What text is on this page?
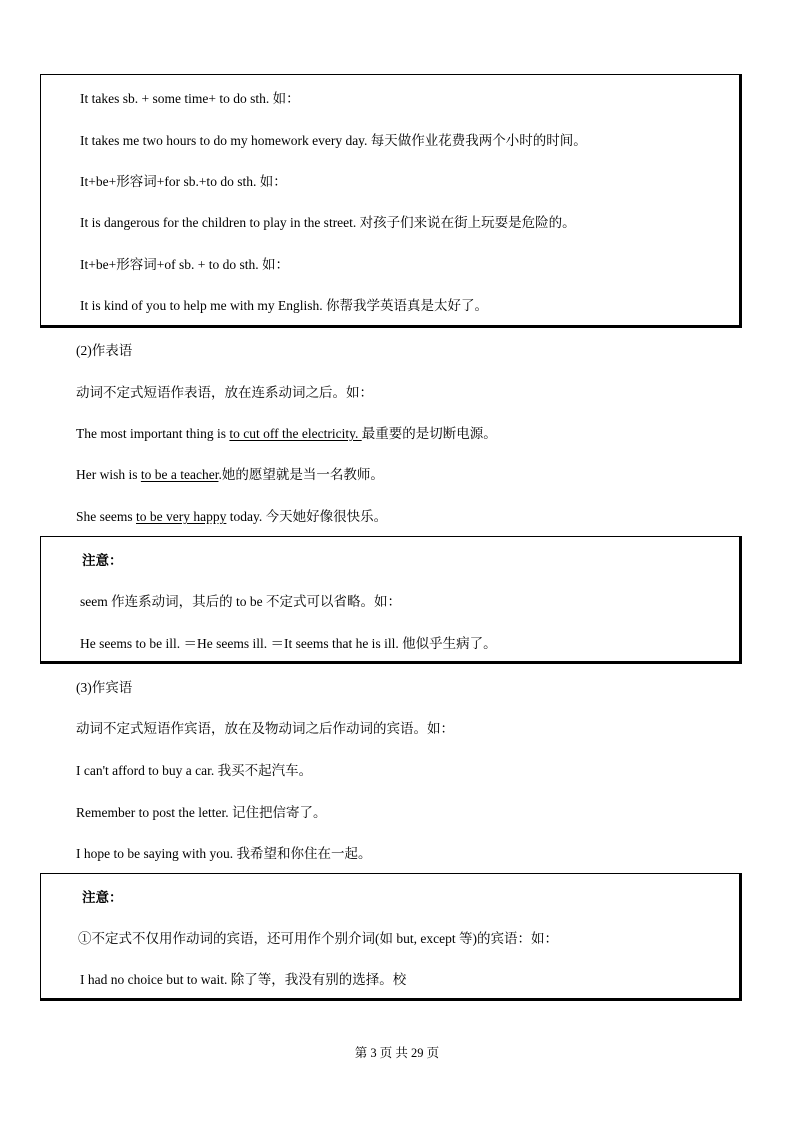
It takes sb. + some time+ to do sth. 如：
It takes me two hours to do my homework every day. 每天做作业花费我两个小时的时间。
It+be+形容词+for sb.+to do sth. 如：
It is dangerous for the children to play in the street. 对孩子们来说在街上玩耍是危险的。
It+be+形容词+of sb. + to do sth. 如：
It is kind of you to help me with my English. 你帮我学英语真是太好了。
(2)作表语
动词不定式短语作表语，放在连系动词之后。如：
The most important thing is to cut off the electricity. 最重要的是切断电源。
Her wish is to be a teacher.她的愿望就是当一名教师。
She seems to be very happy today. 今天她好像很快乐。
注意：
seem 作连系动词，其后的 to be 不定式可以省略。如：
He seems to be ill. ＝He seems ill. ＝It seems that he is ill. 他似乎生病了。
(3)作宾语
动词不定式短语作宾语，放在及物动词之后作动词的宾语。如：
I can't afford to buy a car. 我买不起汽车。
Remember to post the letter. 记住把信寄了。
I hope to be saying with you. 我希望和你住在一起。
注意：
①不定式不仅用作动词的宾语，还可用作个别介词(如 but, except 等)的宾语：如：
I had no choice but to wait. 除了等，我没有别的选择。校
第 3 页 共 29 页
